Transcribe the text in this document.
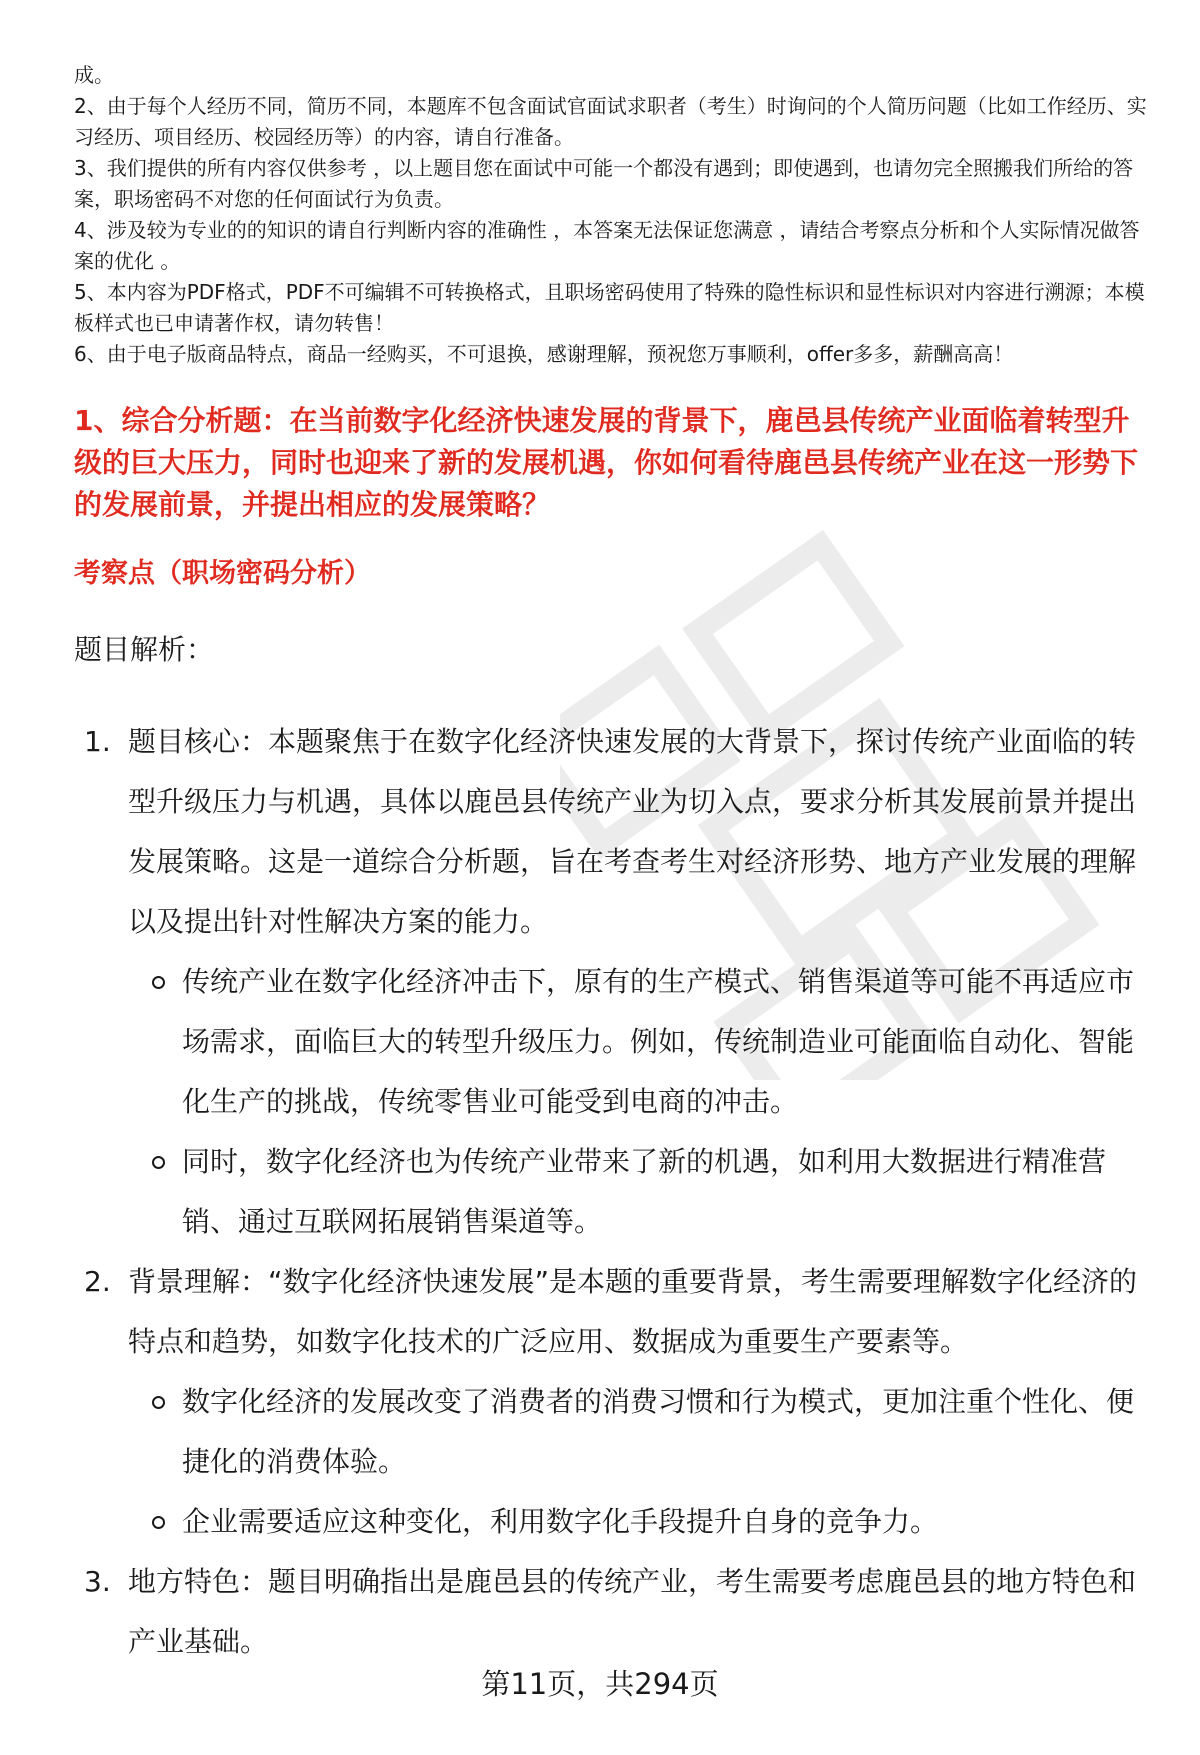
成。

2、由于每个人经历不同，简历不同，本题库不包含面试官面试求职者（考生）时询问的个人简历问题（比如工作经历、实习经历、项目经历、校园经历等）的内容，请自行准备。

3、我们提供的所有内容仅供参考 ，以上题目您在面试中可能一个都没有遇到；即使遇到，也请勿完全照搬我们所给的答案，职场密码不对您的任何面试行为负责。

4、涉及较为专业的的知识的请自行判断内容的准确性 ，本答案无法保证您满意 ，请结合考察点分析和个人实际情况做答案的优化 。

5、本内容为PDF格式，PDF不可编辑不可转换格式，且职场密码使用了特殊的隐性标识和显性标识对内容进行溯源；本模板样式也已申请著作权，请勿转售！

6、由于电子版商品特点，商品一经购买，不可退换，感谢理解，预祝您万事顺利，offer多多，薪酬高高！

1、综合分析题：在当前数字化经济快速发展的背景下，鹿邑县传统产业面临着转型升级的巨大压力，同时也迎来了新的发展机遇，你如何看待鹿邑县传统产业在这一形势下的发展前景，并提出相应的发展策略？
考察点（职场密码分析）

题目解析：

1. 题目核心：本题聚焦于在数字化经济快速发展的大背景下，探讨传统产业面临的转型升级压力与机遇，具体以鹿邑县传统产业为切入点，要求分析其发展前景并提出发展策略。这是一道综合分析题，旨在考查考生对经济形势、地方产业发展的理解以及提出针对性解决方案的能力。
传统产业在数字化经济冲击下，原有的生产模式、销售渠道等可能不再适应市场需求，面临巨大的转型升级压力。例如，传统制造业可能面临自动化、智能化生产的挑战，传统零售业可能受到电商的冲击。
同时，数字化经济也为传统产业带来了新的机遇，如利用大数据进行精准营销、通过互联网拓展销售渠道等。
2. 背景理解：“数字化经济快速发展”是本题的重要背景，考生需要理解数字化经济的特点和趋势，如数字化技术的广泛应用、数据成为重要生产要素等。
数字化经济的发展改变了消费者的消费习惯和行为模式，更加注重个性化、便捷化的消费体验。
企业需要适应这种变化，利用数字化手段提升自身的竞争力。
3. 地方特色：题目明确指出是鹿邑县的传统产业，考生需要考虑鹿邑县的地方特色和产业基础。
第11页，共294页
